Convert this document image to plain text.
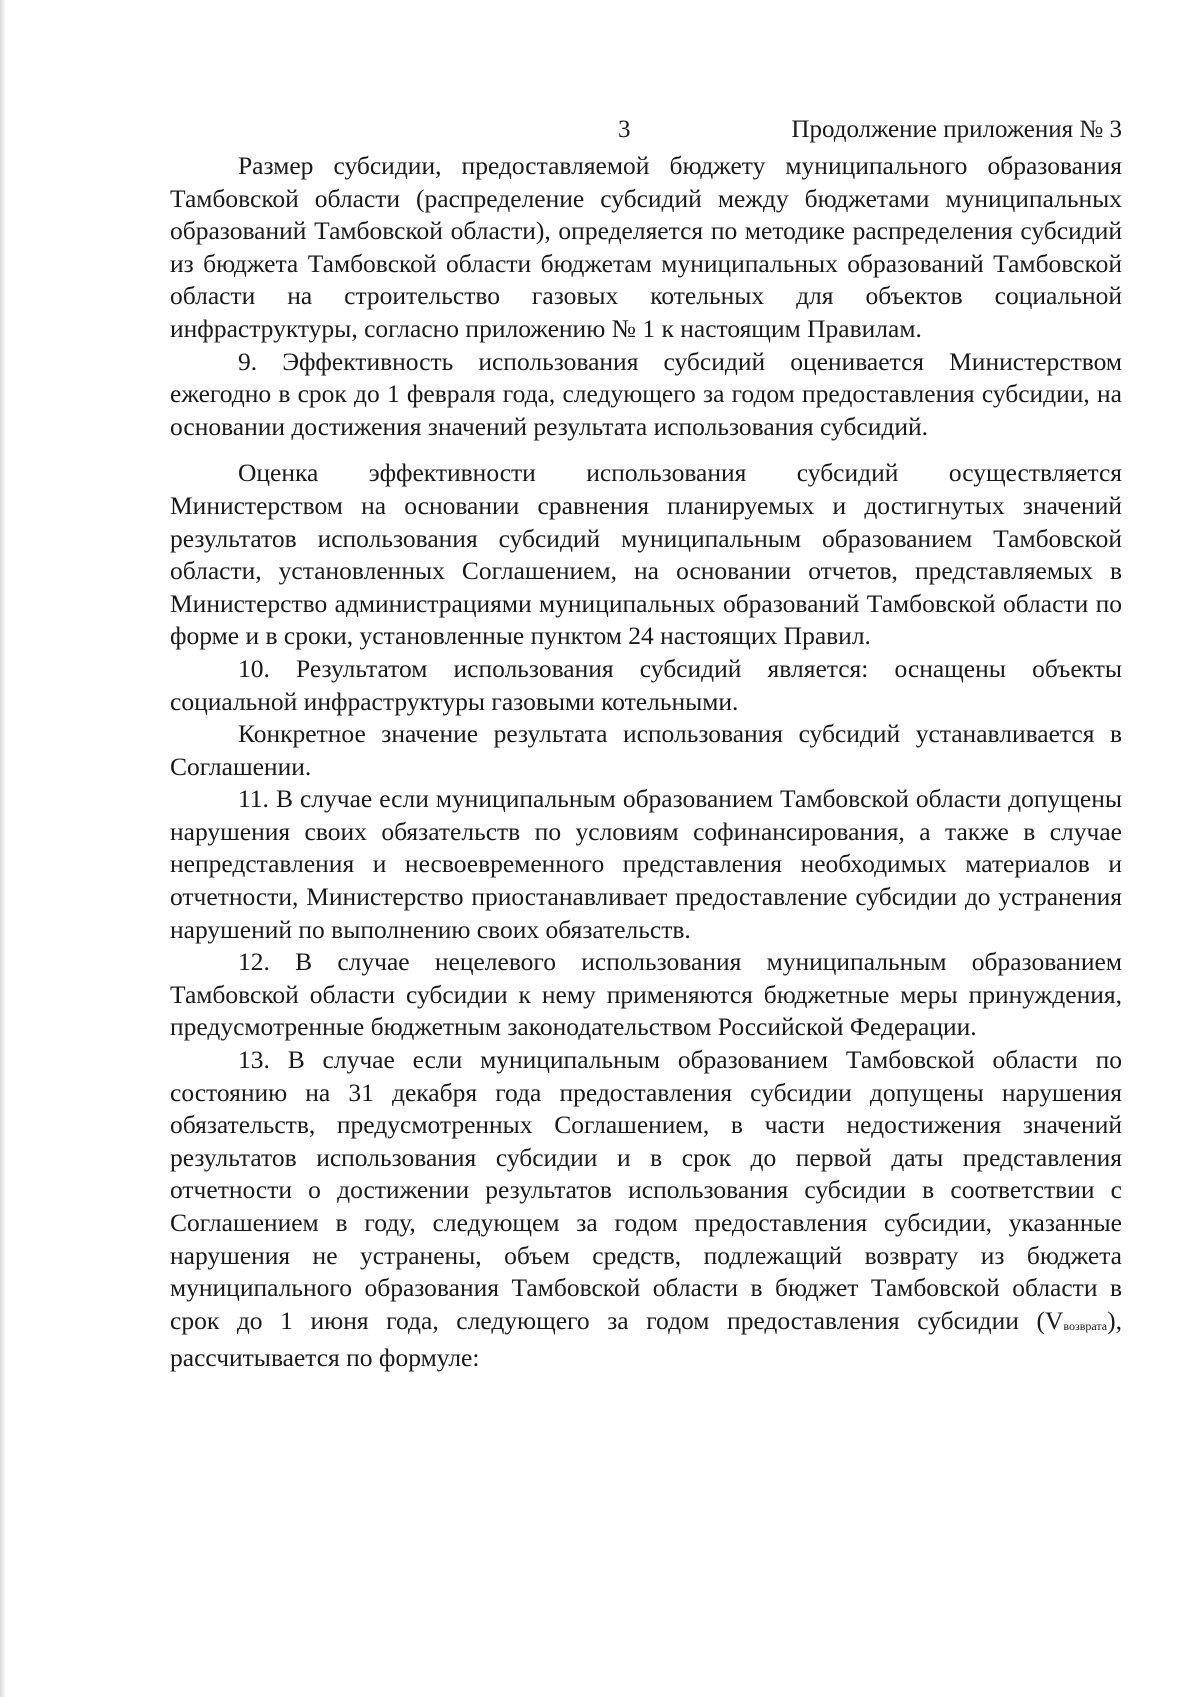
3	Продолжение приложения № 3

Размер субсидии, предоставляемой бюджету муниципального образования Тамбовской области (распределение субсидий между бюджетами муниципальных образований Тамбовской области), определяется по методике распределения субсидий из бюджета Тамбовской области бюджетам муниципальных образований Тамбовской области на строительство газовых котельных для объектов социальной инфраструктуры, согласно приложению № 1 к настоящим Правилам.

9. Эффективность использования субсидий оценивается Министерством ежегодно в срок до 1 февраля года, следующего за годом предоставления субсидии, на основании достижения значений результата использования субсидий.

Оценка эффективности использования субсидий осуществляется Министерством на основании сравнения планируемых и достигнутых значений результатов использования субсидий муниципальным образованием Тамбовской области, установленных Соглашением, на основании отчетов, представляемых в Министерство администрациями муниципальных образований Тамбовской области по форме и в сроки, установленные пунктом 24 настоящих Правил.

10. Результатом использования субсидий является: оснащены объекты социальной инфраструктуры газовыми котельными.

Конкретное значение результата использования субсидий устанавливается в Соглашении.

11. В случае если муниципальным образованием Тамбовской области допущены нарушения своих обязательств по условиям софинансирования, а также в случае непредставления и несвоевременного представления необходимых материалов и отчетности, Министерство приостанавливает предоставление субсидии до устранения нарушений по выполнению своих обязательств.

12. В случае нецелевого использования муниципальным образованием Тамбовской области субсидии к нему применяются бюджетные меры принуждения, предусмотренные бюджетным законодательством Российской Федерации.

13. В случае если муниципальным образованием Тамбовской области по состоянию на 31 декабря года предоставления субсидии допущены нарушения обязательств, предусмотренных Соглашением, в части недостижения значений результатов использования субсидии и в срок до первой даты представления отчетности о достижении результатов использования субсидии в соответствии с Соглашением в году, следующем за годом предоставления субсидии, указанные нарушения не устранены, объем средств, подлежащий возврату из бюджета муниципального образования Тамбовской области в бюджет Тамбовской области в срок до 1 июня года, следующего за годом предоставления субсидии (Vвозврата), рассчитывается по формуле:
